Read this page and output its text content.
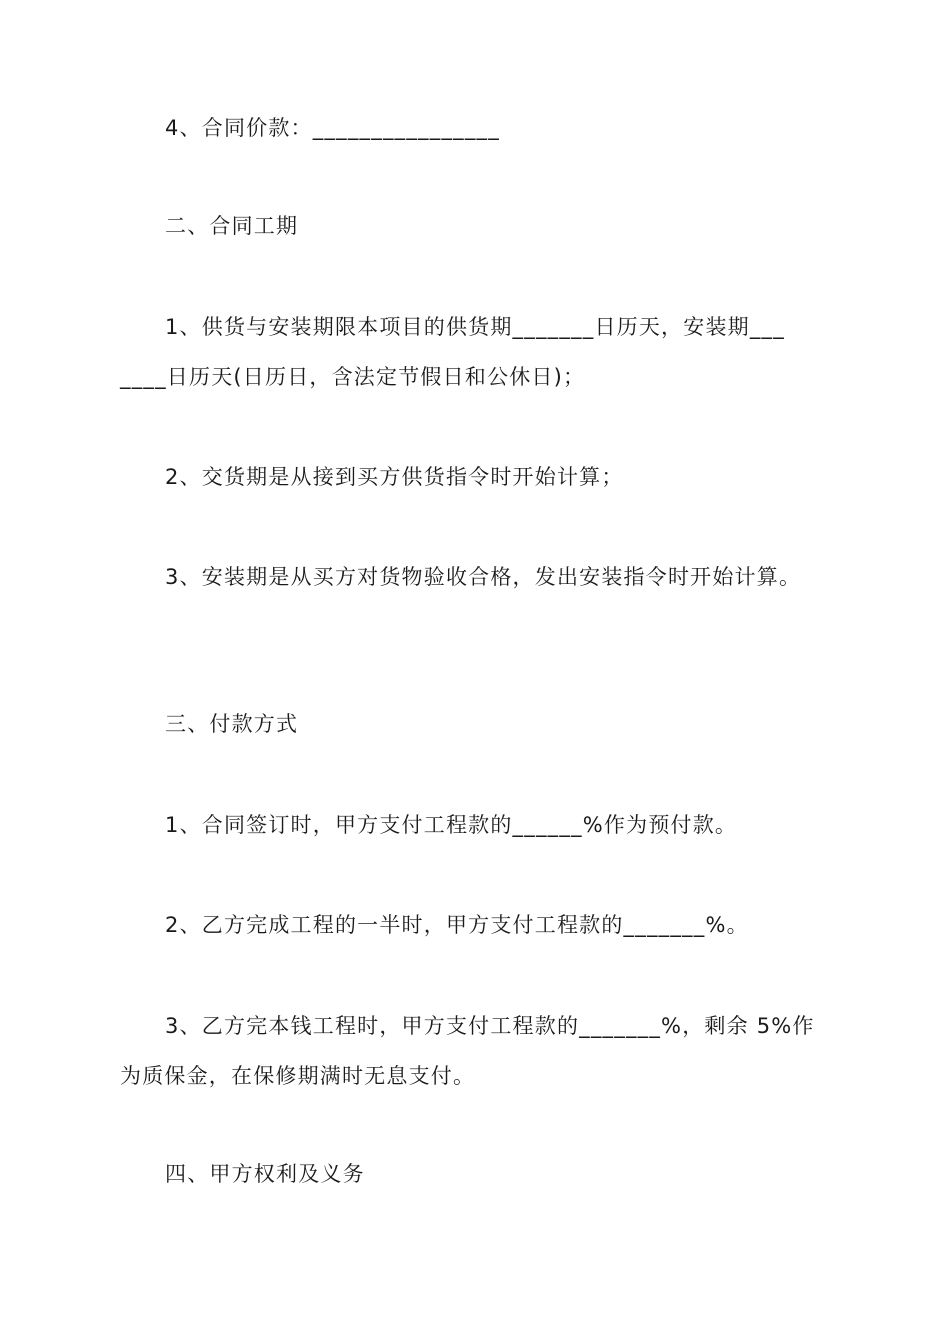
4、合同价款：________________
二、合同工期
1、供货与安装期限本项目的供货期_______日历天，安装期___
____日历天(日历日，含法定节假日和公休日)；
2、交货期是从接到买方供货指令时开始计算；
3、安装期是从买方对货物验收合格，发出安装指令时开始计算。
三、付款方式
1、合同签订时，甲方支付工程款的______%作为预付款。
2、乙方完成工程的一半时，甲方支付工程款的_______%。
3、乙方完本钱工程时，甲方支付工程款的_______%，剩余 5%作
为质保金，在保修期满时无息支付。
四、甲方权利及义务
